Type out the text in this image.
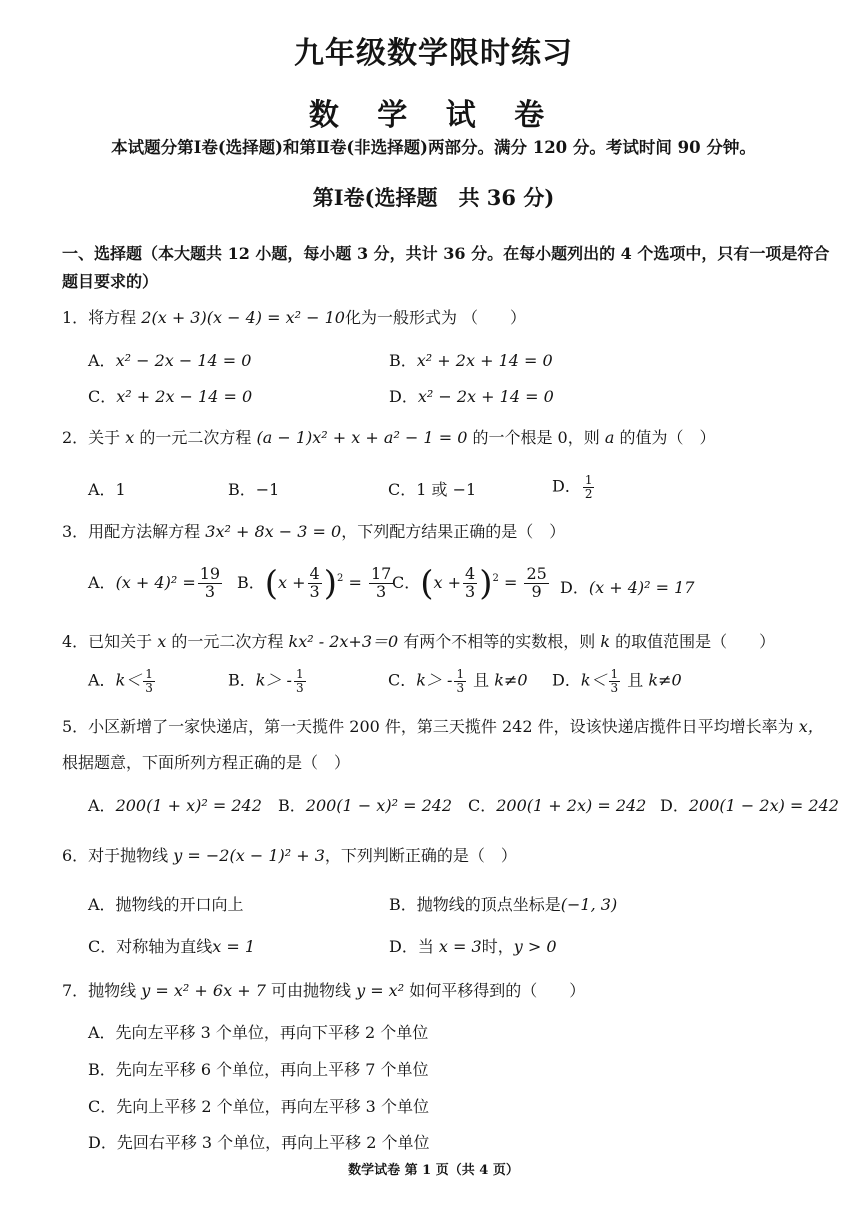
九年级数学限时练习
数 学 试 卷
本试题分第Ⅰ卷(选择题)和第Ⅱ卷(非选择题)两部分。满分 120 分。考试时间 90 分钟。
第Ⅰ卷(选择题　共 36 分)
一、选择题（本大题共 12 小题，每小题 3 分，共计 36 分。在每小题列出的 4 个选项中，只有一项是符合
题目要求的）
1．将方程 2(x + 3)(x − 4) = x² − 10化为一般形式为 （　　）
A．x² − 2x − 14 = 0	B．x² + 2x + 14 = 0
C．x² + 2x − 14 = 0	D．x² − 2x + 14 = 0
2．关于 x 的一元二次方程 (a − 1)x² + x + a² − 1 = 0 的一个根是 0，则 a 的值为（　）
A．1	B．−1	C．1 或 −1	D． $\frac{1}{2}$
3．用配方法解方程 3x² + 8x − 3 = 0，下列配方结果正确的是（　）
A．$(x + 4)^2 = \frac{19}{3}$ B．$(x + \frac{4}{3} )^2 = \frac{17}{3}$
C．$(x + \frac{4}{3} )^2 = \frac{25}{9}$ D．(x + 4)² = 17
4．已知关于 x 的一元二次方程 kx² - 2x+3＝0 有两个不相等的实数根，则 k 的取值范围是（　　）
A．$k< \frac{1}{3}$	B．$k> - \frac{1}{3}$	C．$k> - \frac{1}{3}$ 且 k≠0 D．$k< \frac{1}{3}$ 且 k≠0
5．小区新增了一家快递店，第一天揽件 200 件，第三天揽件 242 件，设该快递店揽件日平均增长率为 x，
根据题意，下面所列方程正确的是（　）
A．200(1 + x)² = 242 B．200(1 − x)² = 242 C．200(1 + 2x) = 242 D．200(1 − 2x) = 242
6．对于抛物线 y = −2(x − 1)² + 3，下列判断正确的是（　）
A．抛物线的开口向上	B．抛物线的顶点坐标是(−1, 3)
C．对称轴为直线x = 1	D．当 x = 3时，y > 0
7．抛物线 y = x² + 6x + 7 可由抛物线 y = x² 如何平移得到的（　　）
A．先向左平移 3 个单位，再向下平移 2 个单位
B．先向左平移 6 个单位，再向上平移 7 个单位
C．先向上平移 2 个单位，再向左平移 3 个单位
D．先回右平移 3 个单位，再向上平移 2 个单位
数学试卷 第 1 页（共 4 页）
